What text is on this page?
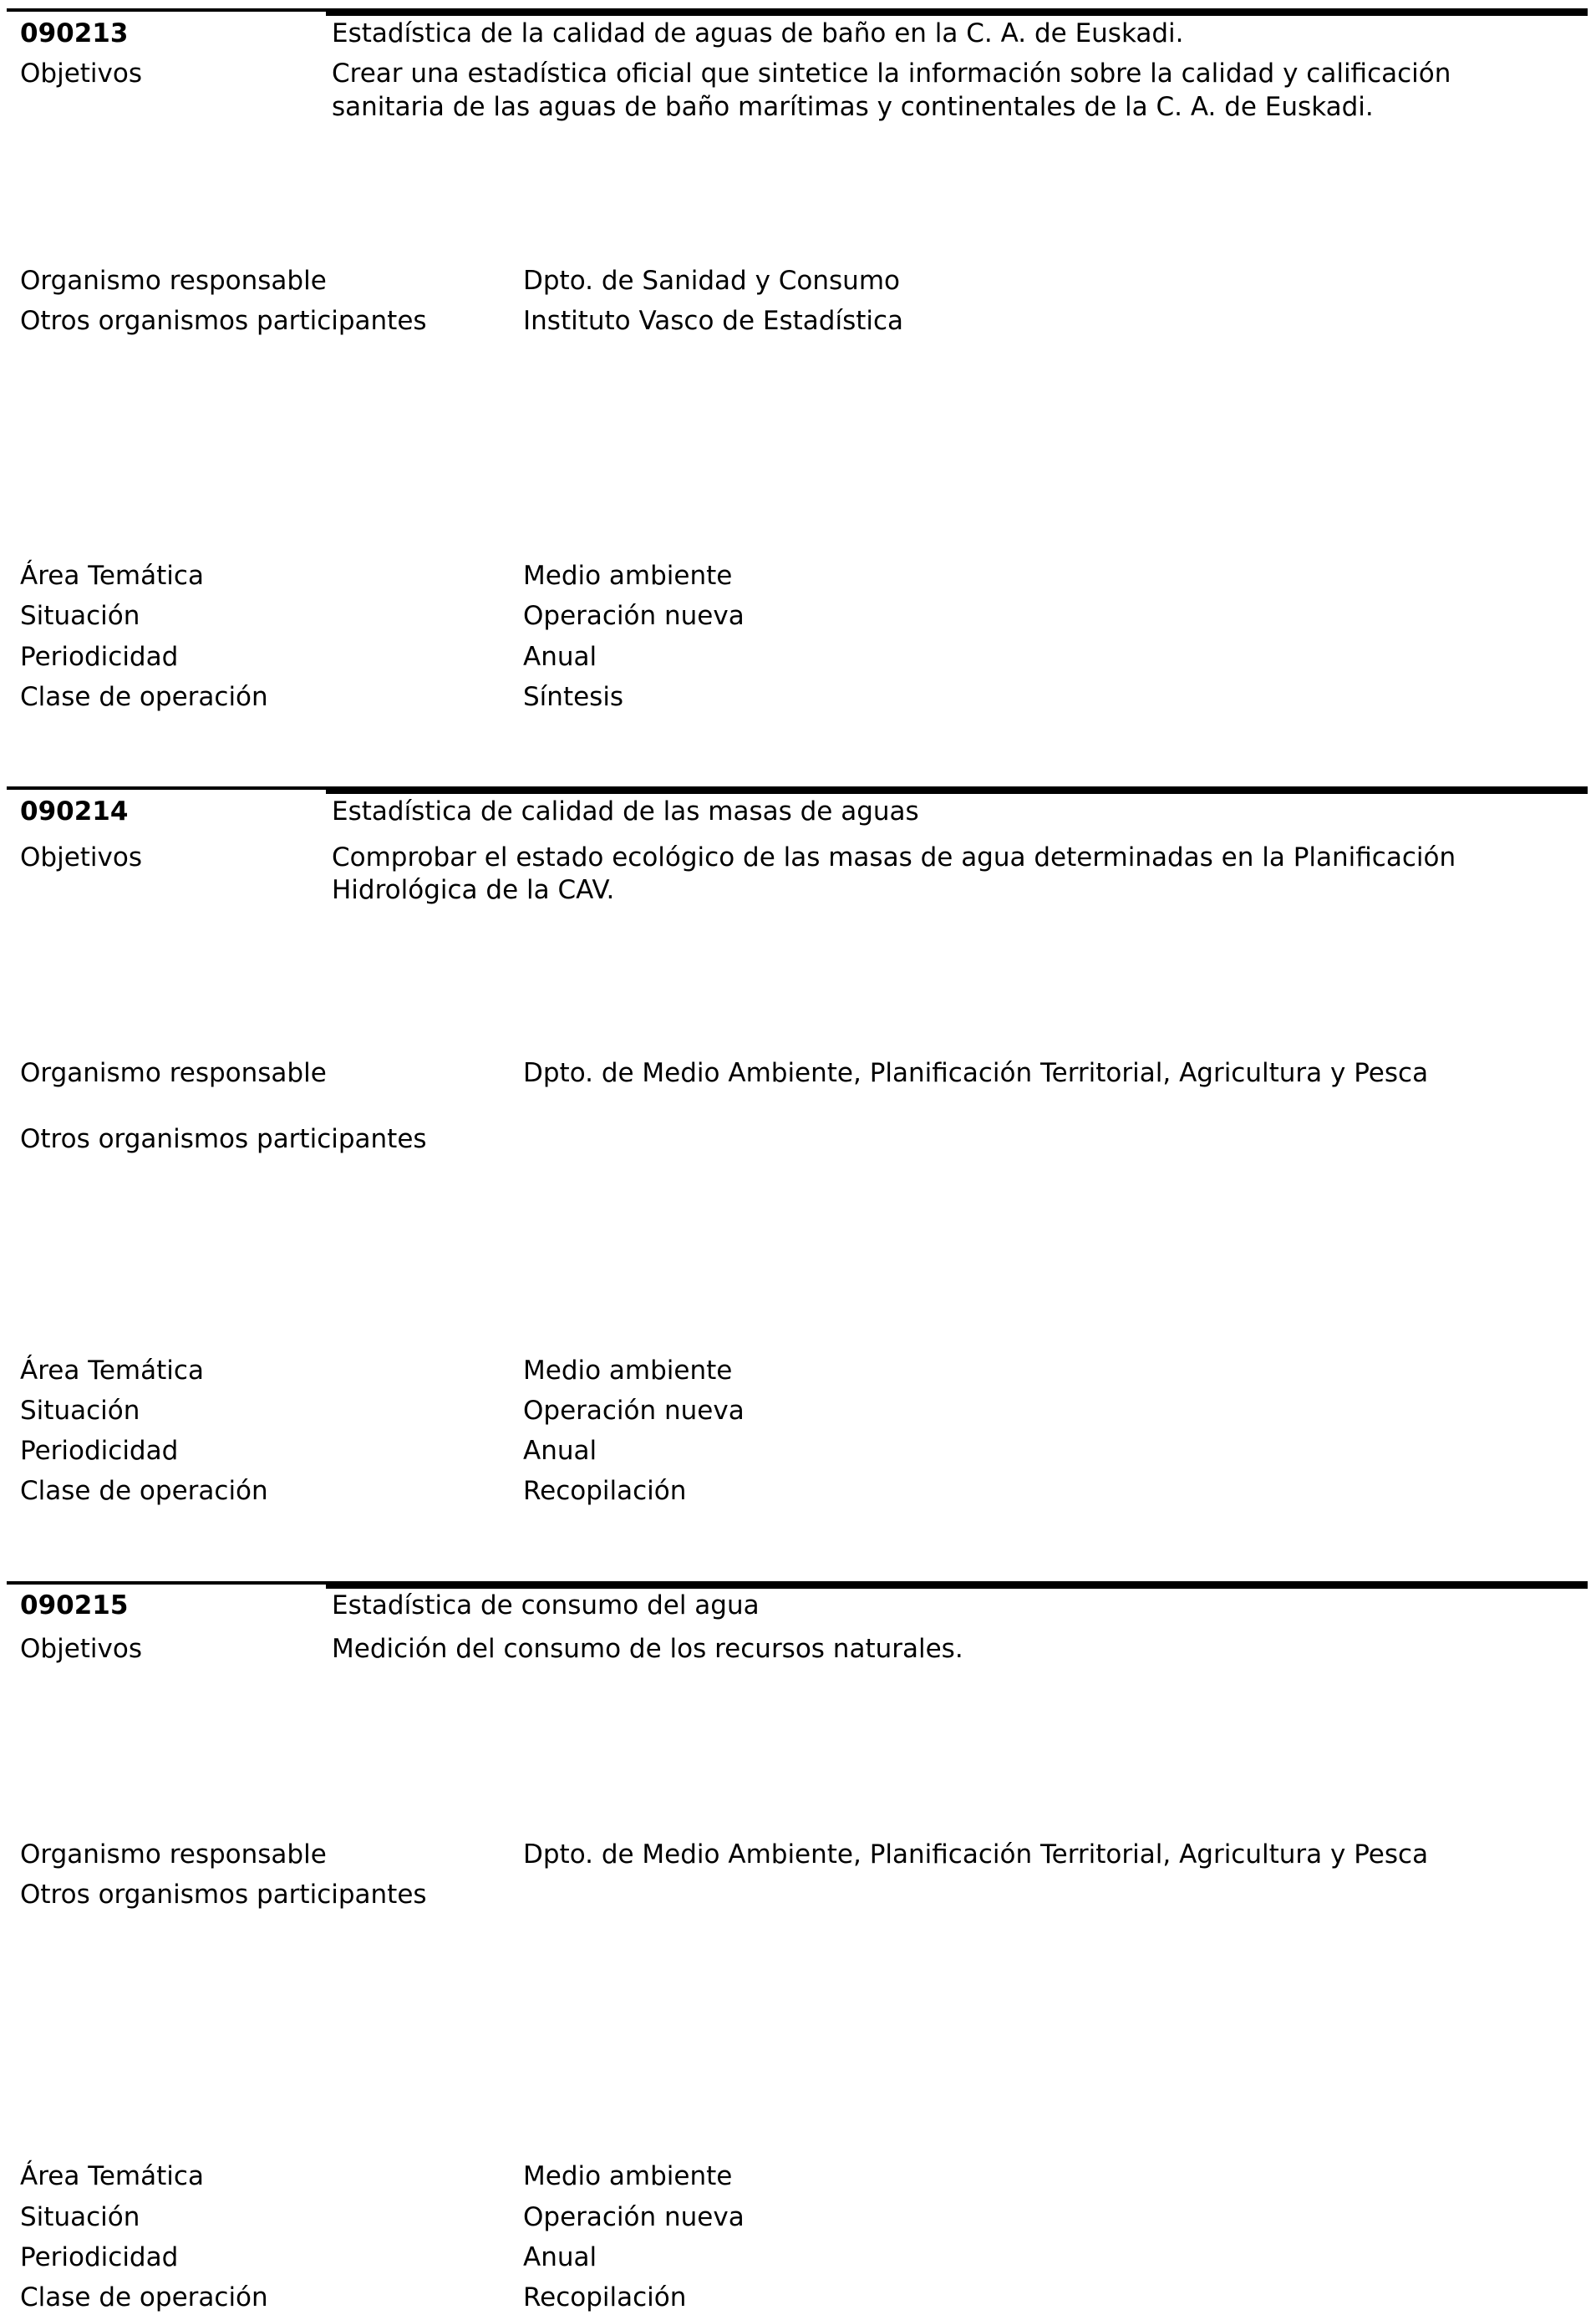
090213	Estadística de la calidad de aguas de baño en la C. A. de Euskadi.
Objetivos	Crear una estadística oficial que sintetice la información sobre la calidad y calificación
sanitaria de las aguas de baño marítimas y continentales de la C. A. de Euskadi.
Organismo responsable	Dpto. de Sanidad y Consumo
Otros organismos participantes	Instituto Vasco de Estadística
Área Temática	Medio ambiente
Situación	Operación nueva
Periodicidad	Anual
Clase de operación	Síntesis
090214	Estadística de calidad de las masas de aguas
Objetivos	Comprobar el estado ecológico de las masas de agua determinadas en la Planificación
Hidrológica de la CAV.
Organismo responsable	Dpto. de Medio Ambiente, Planificación Territorial, Agricultura y Pesca
Otros organismos participantes
Área Temática	Medio ambiente
Situación	Operación nueva
Periodicidad	Anual
Clase de operación	Recopilación
090215	Estadística de consumo del agua
Objetivos	Medición del consumo de los recursos naturales.
Organismo responsable	Dpto. de Medio Ambiente, Planificación Territorial, Agricultura y Pesca
Otros organismos participantes
Área Temática	Medio ambiente
Situación	Operación nueva
Periodicidad	Anual
Clase de operación	Recopilación
